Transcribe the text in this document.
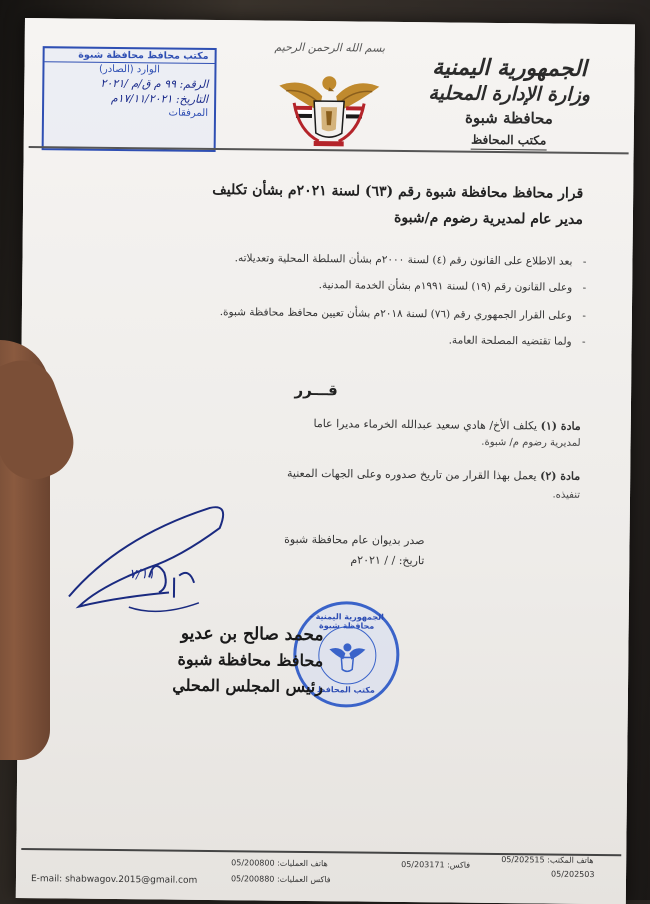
مكتب محافظ محافظة شبوة
الوارد (الصادر)
الرقم: ٩٩ م ق/م /٢٠٢١
التاريخ: ١٧/١١/٢٠٢١م
المرفقات
بسم الله الرحمن الرحيم
الجمهورية اليمنية
وزارة الإدارة المحلية
محافظة شبوة
مكتب المحافظ
قرار محافظ محافظة شبوة رقم (٦٣) لسنة ٢٠٢١م بشأن تكليف
مدير عام لمديرية رضوم م/شبوة
بعد الاطلاع على القانون رقم (٤) لسنة ٢٠٠٠م بشأن السلطة المحلية وتعديلاته. -
وعلى القانون رقم (١٩) لسنة ١٩٩١م بشأن الخدمة المدنية. -
وعلى القرار الجمهوري رقم (٧٦) لسنة ٢٠١٨م بشأن تعيين محافظ محافظة شبوة. -
ولما تقتضيه المصلحة العامة. -
قـــرر
مادة (١) يكلف الأخ/ هادي سعيد عبدالله الخرماء مديرا عاما
لمديرية رضوم م/ شبوة.
مادة (٢) يعمل بهذا القرار من تاريخ صدوره وعلى الجهات المعنية
تنفيذه.
صدر بديوان عام محافظة شبوة
تاريخ: / / ٢٠٢١م
٧/١١
الجمهورية اليمنية - محافظة شبوة
مكتب المحافظ
محمد صالح بن عديو
محافظ محافظة شبوة
رئيس المجلس المحلي
E-mail: shabwagov.2015@gmail.com
هاتف العمليات: 05/200800
فاكس العمليات: 05/200880
فاكس: 05/203171	هاتف المكتب: 05/202515
05/202503
